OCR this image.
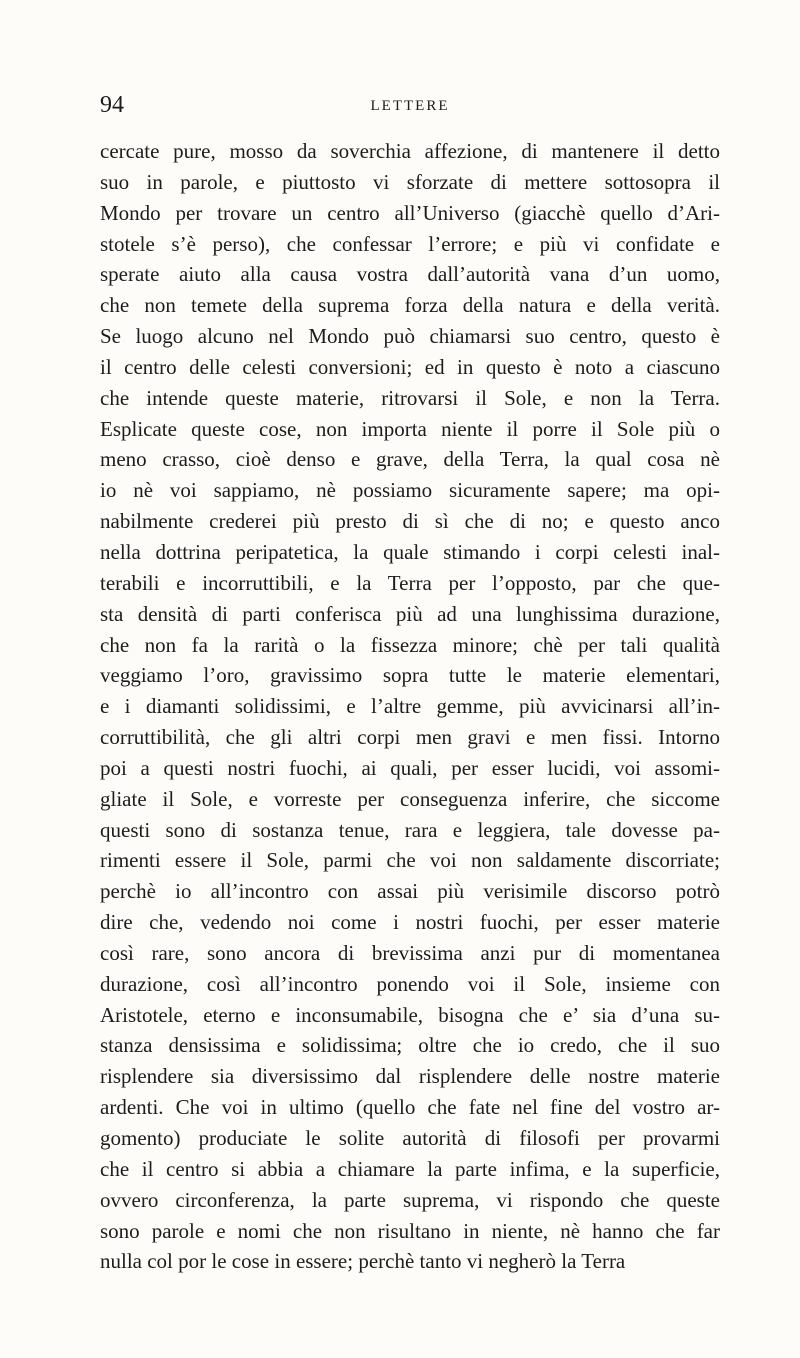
94	LETTERE
cercate pure, mosso da soverchia affezione, di mantenere il detto
suo in parole, e piuttosto vi sforzate di mettere sottosopra il
Mondo per trovare un centro all’Universo (giacchè quello d’Ari-
stotele s’è perso), che confessar l’errore; e più vi confidate e
sperate aiuto alla causa vostra dall’autorità vana d’un uomo,
che non temete della suprema forza della natura e della verità.
Se luogo alcuno nel Mondo può chiamarsi suo centro, questo è
il centro delle celesti conversioni; ed in questo è noto a ciascuno
che intende queste materie, ritrovarsi il Sole, e non la Terra.
Esplicate queste cose, non importa niente il porre il Sole più o
meno crasso, cioè denso e grave, della Terra, la qual cosa nè
io nè voi sappiamo, nè possiamo sicuramente sapere; ma opi-
nabilmente crederei più presto di sì che di no; e questo anco
nella dottrina peripatetica, la quale stimando i corpi celesti inal-
terabili e incorruttibili, e la Terra per l’opposto, par che que-
sta densità di parti conferisca più ad una lunghissima durazione,
che non fa la rarità o la fissezza minore; chè per tali qualità
veggiamo l’oro, gravissimo sopra tutte le materie elementari,
e i diamanti solidissimi, e l’altre gemme, più avvicinarsi all’in-
corruttibilità, che gli altri corpi men gravi e men fissi. Intorno
poi a questi nostri fuochi, ai quali, per esser lucidi, voi assomi-
gliate il Sole, e vorreste per conseguenza inferire, che siccome
questi sono di sostanza tenue, rara e leggiera, tale dovesse pa-
rimenti essere il Sole, parmi che voi non saldamente discorriate;
perchè io all’incontro con assai più verisimile discorso potrò
dire che, vedendo noi come i nostri fuochi, per esser materie
così rare, sono ancora di brevissima anzi pur di momentanea
durazione, così all’incontro ponendo voi il Sole, insieme con
Aristotele, eterno e inconsumabile, bisogna che e’ sia d’una su-
stanza densissima e solidissima; oltre che io credo, che il suo
risplendere sia diversissimo dal risplendere delle nostre materie
ardenti. Che voi in ultimo (quello che fate nel fine del vostro ar-
gomento) produciate le solite autorità di filosofi per provarmi
che il centro si abbia a chiamare la parte infima, e la superficie,
ovvero circonferenza, la parte suprema, vi rispondo che queste
sono parole e nomi che non risultano in niente, nè hanno che far
nulla col por le cose in essere; perchè tanto vi negherò la Terra
